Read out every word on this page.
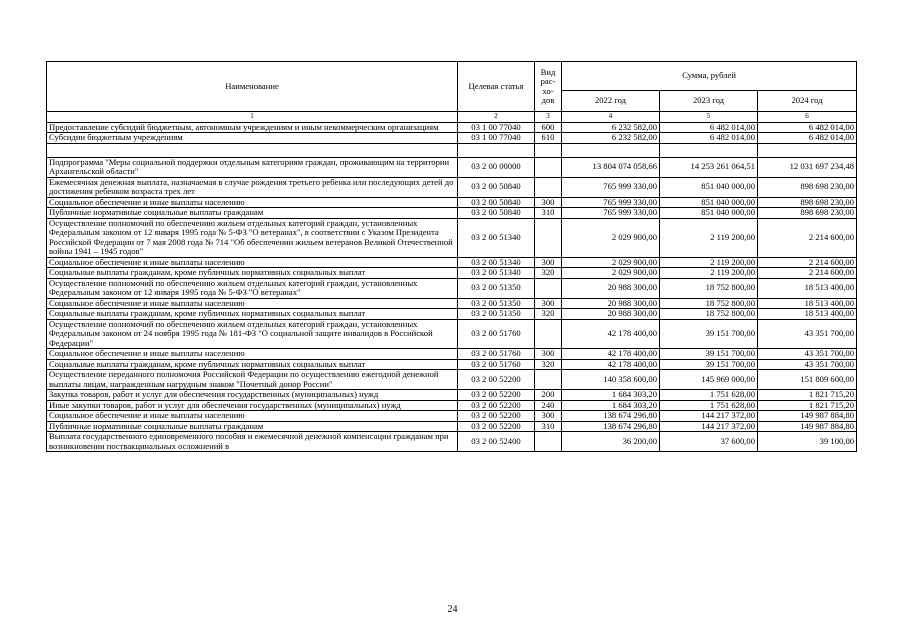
Наименование	Целевая статья	Вид рас-хо-дов	Сумма, рублей		
			2022 год	2023 год	2024 год
1	2	3	4	5	6
Предоставление субсидий бюджетным, автономным учреждениям и иным некоммерческим организациям	03 1 00 77040	600	6 232 582,00	6 482 014,00	6 482 014,00
Субсидии бюджетным учреждениям	03 1 00 77040	610	6 232 582,00	6 482 014,00	6 482 014,00

Подпрограмма "Меры социальной поддержки отдельным категориям граждан, проживающим на территории Архангельской области"	03 2 00 00000		13 804 074 058,66	14 253 261 064,51	12 031 697 234,48
Ежемесячная денежная выплата, назначаемая в случае рождения третьего ребенка или последующих детей до достижения ребенком возраста трех лет	03 2 00 50840		765 999 330,00	851 040 000,00	898 698 230,00
Социальное обеспечение и иные выплаты населению	03 2 00 50840	300	765 999 330,00	851 040 000,00	898 698 230,00
Публичные нормативные социальные выплаты гражданам	03 2 00 50840	310	765 999 330,00	851 040 000,00	898 698 230,00
Осуществление полномочий по обеспечению жильем отдельных категорий граждан, установленных Федеральным законом от 12 января 1995 года № 5-ФЗ "О ветеранах", в соответствии с Указом Президента Российской Федерации от 7 мая 2008 года № 714 "Об обеспечении жильем ветеранов Великой Отечественной войны 1941 – 1945 годов"	03 2 00 51340		2 029 900,00	2 119 200,00	2 214 600,00
Социальное обеспечение и иные выплаты населению	03 2 00 51340	300	2 029 900,00	2 119 200,00	2 214 600,00
Социальные выплаты гражданам, кроме публичных нормативных социальных выплат	03 2 00 51340	320	2 029 900,00	2 119 200,00	2 214 600,00
Осуществление полномочий по обеспечению жильем отдельных категорий граждан, установленных Федеральным законом от 12 января 1995 года № 5-ФЗ "О ветеранах"	03 2 00 51350		20 988 300,00	18 752 800,00	18 513 400,00
Социальное обеспечение и иные выплаты населению	03 2 00 51350	300	20 988 300,00	18 752 800,00	18 513 400,00
Социальные выплаты гражданам, кроме публичных нормативных социальных выплат	03 2 00 51350	320	20 988 300,00	18 752 800,00	18 513 400,00
Осуществление полномочий по обеспечению жильем отдельных категорий граждан, установленных Федеральным законом от 24 ноября 1995 года № 181-ФЗ "О социальной защите инвалидов в Российской Федерации"	03 2 00 51760		42 178 400,00	39 151 700,00	43 351 700,00
Социальное обеспечение и иные выплаты населению	03 2 00 51760	300	42 178 400,00	39 151 700,00	43 351 700,00
Социальные выплаты гражданам, кроме публичных нормативных социальных выплат	03 2 00 51760	320	42 178 400,00	39 151 700,00	43 351 700,00
Осуществление переданного полномочия Российской Федерации по осуществлению ежегодной денежной выплаты лицам, награжденным нагрудным знаком "Почетный донор России"	03 2 00 52200		140 358 600,00	145 969 000,00	151 809 600,00
Закупка товаров, работ и услуг для обеспечения государственных (муниципальных) нужд	03 2 00 52200	200	1 684 303,20	1 751 628,00	1 821 715,20
Иные закупки товаров, работ и услуг для обеспечения государственных (муниципальных) нужд	03 2 00 52200	240	1 684 303,20	1 751 628,00	1 821 715,20
Социальное обеспечение и иные выплаты населению	03 2 00 52200	300	138 674 296,80	144 217 372,00	149 987 884,80
Публичные нормативные социальные выплаты гражданам	03 2 00 52200	310	138 674 296,80	144 217 372,00	149 987 884,80
Выплата государственного единовременного пособия и ежемесячной денежной компенсации гражданам при возникновении поствакцинальных осложнений в	03 2 00 52400		36 200,00	37 600,00	39 100,00
24
